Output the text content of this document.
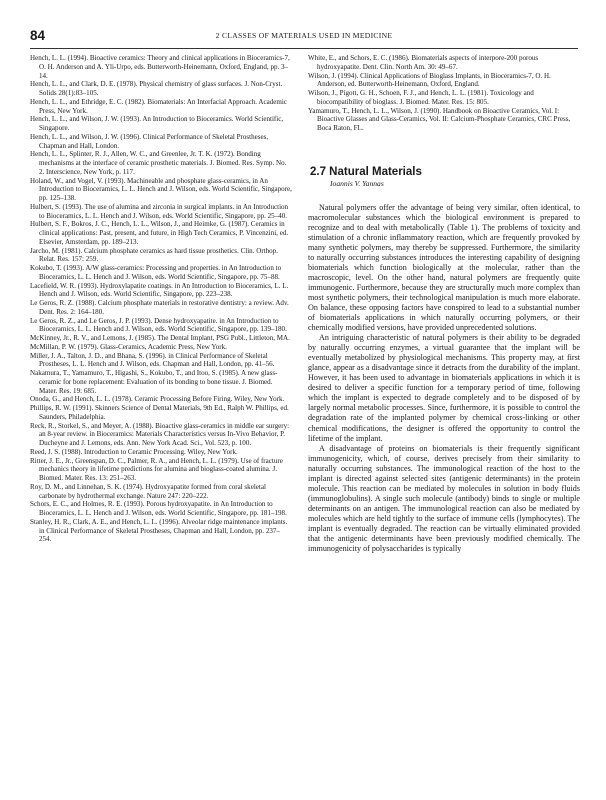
84	2 CLASSES OF MATERIALS USED IN MEDICINE
Hench, L. L. (1994). Bioactive ceramics: Theory and clinical applications in Bioceramics-7, O. H. Anderson and A. Yli-Urpo, eds. Butterworth-Heinemann, Oxford, England, pp. 3–14.
Hench, L. L., and Clark, D. E. (1978). Physical chemistry of glass surfaces. J. Non-Cryst. Solids 28(1):83–105.
Hench, L. L., and Ethridge, E. C. (1982). Biomaterials: An Interfacial Approach. Academic Press, New York.
Hench, L. L., and Wilson, J. W. (1993). An Introduction to Bioceramics. World Scientific, Singapore.
Hench, L. L., and Wilson, J. W. (1996). Clinical Performance of Skeletal Prostheses, Chapman and Hall, London.
Hench, L. L., Splinter, R. J., Allen, W. C., and Greenlee, Jr. T. K. (1972). Bonding mechanisms at the interface of ceramic prosthetic materials. J. Biomed. Res. Symp. No. 2. Interscience, New York, p. 117.
Holand, W., and Vogel, V. (1993). Machineable and phosphate glass-ceramics, in An Introduction to Bioceramics, L. L. Hench and J. Wilson, eds. World Scientific, Singapore, pp. 125–138.
Hulbert, S. (1993). The use of alumina and zirconia in surgical implants. in An Introduction to Bioceramics, L. L. Hench and J. Wilson, eds. World Scientific, Singapore, pp. 25–40.
Hulbert, S. F., Bokros, J. C., Hench, L. L., Wilson, J., and Heimke, G. (1987). Ceramics in clinical applications: Past, present, and future, in High Tech Ceramics, P. Vincenzini, ed. Elsevier, Amsterdam, pp. 189–213.
Jarcho, M. (1981). Calcium phosphate ceramics as hard tissue prosthetics. Clin. Orthop. Relat. Res. 157: 259.
Kokubo, T. (1993). A/W glass-ceramics: Processing and properties. in An Introduction to Bioceramics, L. L. Hench and J. Wilson, eds. World Scientific, Singapore, pp. 75–88.
Lacefield, W. R. (1993). Hydroxylapatite coatings. in An Introduction to Bioceramics, L. L. Hench and J. Wilson, eds. World Scientific, Singapore, pp. 223–238.
Le Geros, R. Z. (1988). Calcium phosphate materials in restorative dentistry: a review. Adv. Dent. Res. 2: 164–180.
Le Geros, R. Z., and Le Geros, J. P. (1993). Dense hydroxyapatite. in An Introduction to Bioceramics, L. L. Hench and J. Wilson, eds. World Scientific, Singapore, pp. 139–180.
McKinney, Jr., R. V., and Lemons, J. (1985). The Dental Implant, PSG Publ., Littleton, MA.
McMillan, P. W. (1979). Glass-Ceramics, Academic Press, New York.
Miller, J. A., Talton, J. D., and Bhana, S. (1996). in Clinical Performance of Skeletal Prostheses, L. L. Hench and J. Wilson, eds. Chapman and Hall, London, pp. 41–56.
Nakamura, T., Yamamuro, T., Higashi, S., Kokubo, T., and Itoo, S. (1985). A new glass-ceramic for bone replacement: Evaluation of its bonding to bone tissue. J. Biomed. Mater. Res. 19: 685.
Onoda, G., and Hench, L. L. (1978). Ceramic Processing Before Firing. Wiley, New York.
Phillips, R. W. (1991). Skinners Science of Dental Materials, 9th Ed., Ralph W. Phillips, ed. Saunders, Philadelphia.
Reck, R., Storkel, S., and Meyer, A. (1988). Bioactive glass-ceramics in middle ear surgery: an 8-year review. in Bioceramics: Materials Characteristics versus In-Vivo Behavior, P. Ducheyne and J. Lemons, eds. Ann. New York Acad. Sci., Vol. 523, p. 100.
Reed, J. S. (1988). Introduction to Ceramic Processing. Wiley, New York.
Ritter, J. E., Jr., Greenspan, D. C., Palmer, R. A., and Hench, L. L. (1979). Use of fracture mechanics theory in lifetime predictions for alumina and bioglass-coated alumina. J. Biomed. Mater. Res. 13: 251–263.
Roy, D. M., and Linnehan, S. K. (1974). Hydroxyapatite formed from coral skeletal carbonate by hydrothermal exchange. Nature 247: 220–222.
Schors, E. C., and Holmes, R. E. (1993). Porous hydroxyapatite. in An Introduction to Bioceramics, L. L. Hench and J. Wilson, eds. World Scientific, Singapore, pp. 181–198.
Stanley, H. R., Clark, A. E., and Hench, L. L. (1996). Alveolar ridge maintenance implants. in Clinical Performance of Skeletal Prostheses, Chapman and Hall, London, pp. 237–254.
White, E., and Schors, E. C. (1986). Biomaterials aspects of interpore-200 porous hydroxyapatite. Dent. Clin. North Am. 30: 49–67.
Wilson, J. (1994). Clinical Applications of Bioglass Implants, in Bioceramics-7, O. H. Anderson, ed. Butterworth-Heinemann, Oxford, England.
Wilson, J., Pigott, G. H., Schoen, F. J., and Hench, L. L. (1981). Toxicology and biocompatibility of bioglass. J. Biomed. Mater. Res. 15: 805.
Yamamuro, T., Hench, L. L., Wilson, J. (1990). Handbook on Bioactive Ceramics, Vol. I: Bioactive Glasses and Glass-Ceramics, Vol. II: Calcium-Phosphate Ceramics, CRC Press, Boca Raton, FL.
2.7 Natural Materials
Ioannis V. Yannas

Natural polymers offer the advantage of being very similar, often identical, to macromolecular substances which the biological environment is prepared to recognize and to deal with metabolically (Table 1). The problems of toxicity and stimulation of a chronic inflammatory reaction, which are frequently provoked by many synthetic polymers, may thereby be suppressed. Furthermore, the similarity to naturally occurring substances introduces the interesting capability of designing biomaterials which function biologically at the molecular, rather than the macroscopic, level. On the other hand, natural polymers are frequently quite immunogenic. Furthermore, because they are structurally much more complex than most synthetic polymers, their technological manipulation is much more elaborate. On balance, these opposing factors have conspired to lead to a substantial number of biomaterials applications in which naturally occurring polymers, or their chemically modified versions, have provided unprecedented solutions.

An intriguing characteristic of natural polymers is their ability to be degraded by naturally occurring enzymes, a virtual guarantee that the implant will be eventually metabolized by physiological mechanisms. This property may, at first glance, appear as a disadvantage since it detracts from the durability of the implant. However, it has been used to advantage in biomaterials applications in which it is desired to deliver a specific function for a temporary period of time, following which the implant is expected to degrade completely and to be disposed of by largely normal metabolic processes. Since, furthermore, it is possible to control the degradation rate of the implanted polymer by chemical cross-linking or other chemical modifications, the designer is offered the opportunity to control the lifetime of the implant.

A disadvantage of proteins on biomaterials is their frequently significant immunogenicity, which, of course, derives precisely from their similarity to naturally occurring substances. The immunological reaction of the host to the implant is directed against selected sites (antigenic determinants) in the protein molecule. This reaction can be mediated by molecules in solution in body fluids (immunoglobulins). A single such molecule (antibody) binds to single or multiple determinants on an antigen. The immunological reaction can also be mediated by molecules which are held tightly to the surface of immune cells (lymphocytes). The implant is eventually degraded. The reaction can be virtually eliminated provided that the antigenic determinants have been previously modified chemically. The immunogenicity of polysaccharides is typically
